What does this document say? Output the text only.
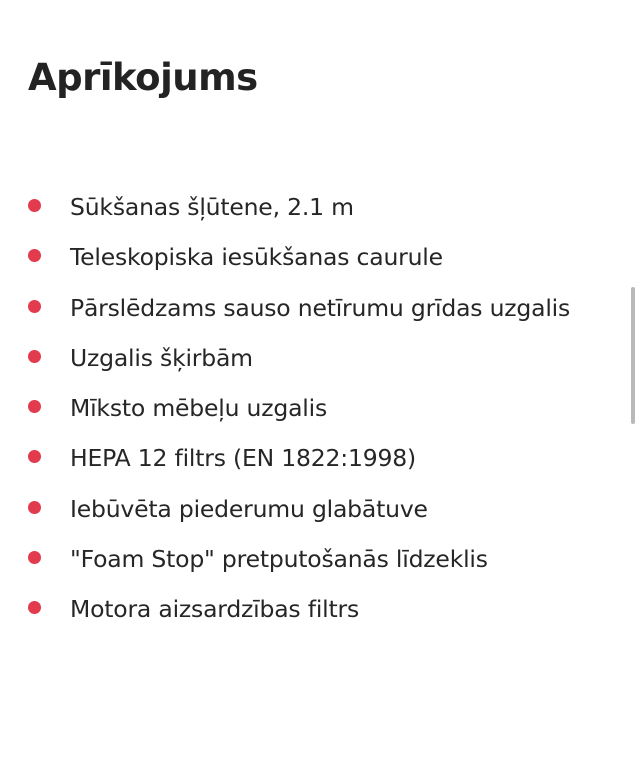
Aprīkojums
Sūkšanas šļūtene, 2.1 m
Teleskopiska iesūkšanas caurule
Pārslēdzams sauso netīrumu grīdas uzgalis
Uzgalis šķirbām
Mīksto mēbeļu uzgalis
HEPA 12 filtrs (EN 1822:1998)
Iebūvēta piederumu glabātuve
"Foam Stop" pretputošanās līdzeklis
Motora aizsardzības filtrs
